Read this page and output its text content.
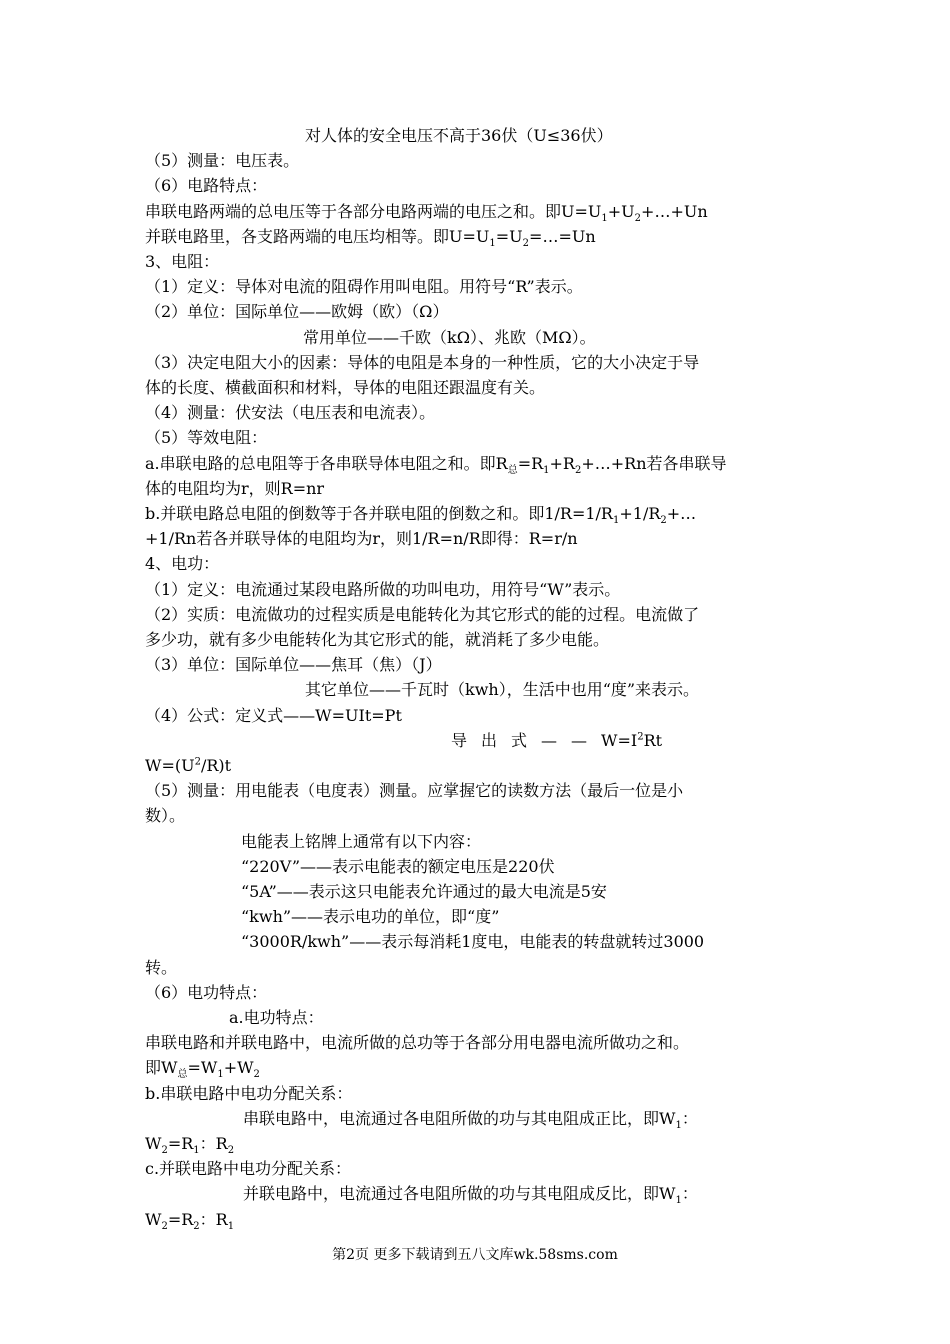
对人体的安全电压不高于36伏（U≤36伏）
（5）测量：电压表。
（6）电路特点：
串联电路两端的总电压等于各部分电路两端的电压之和。即$U=U_1+U_2+\dots+Un$
并联电路里，各支路两端的电压均相等。即$U=U_1=U_2=\dots=Un$
3、电阻：
（1）定义：导体对电流的阻碍作用叫电阻。用符号“R”表示。
（2）单位：国际单位——欧姆（欧）（Ω）
常用单位——千欧（kΩ）、兆欧（MΩ）。
（3）决定电阻大小的因素：导体的电阻是本身的一种性质，它的大小决定于导
体的长度、横截面积和材料，导体的电阻还跟温度有关。
（4）测量：伏安法（电压表和电流表）。
（5）等效电阻：
a.串联电路的总电阻等于各串联导体电阻之和。即$R_总=R_1+R_2+\dots+Rn$若各串联导
体的电阻均为r，则R=nr
b.并联电路总电阻的倒数等于各并联电阻的倒数之和。即$1/R=1/R_1+1/R_2+\dots$
+1/Rn若各并联导体的电阻均为r，则1/R=n/R即得：R=r/n
4、电功：
（1）定义：电流通过某段电路所做的功叫电功，用符号“W”表示。
（2）实质：电流做功的过程实质是电能转化为其它形式的能的过程。电流做了
多少功，就有多少电能转化为其它形式的能，就消耗了多少电能。
（3）单位：国际单位——焦耳（焦）（J）
其它单位——千瓦时（kwh），生活中也用“度”来表示。
（4）公式：定义式——W=UIt=Pt
导出式$——W=I^2Rt$
$W=(U^2/R)t$
（5）测量：用电能表（电度表）测量。应掌握它的读数方法（最后一位是小
数）。
电能表上铭牌上通常有以下内容：
“220V”——表示电能表的额定电压是220伏
“5A”——表示这只电能表允许通过的最大电流是5安
“kwh”——表示电功的单位，即“度”
“3000R/kwh”——表示每消耗1度电，电能表的转盘就转过3000
转。
（6）电功特点：
a.电功特点：
串联电路和并联电路中，电流所做的总功等于各部分用电器电流所做功之和。
即$W_总=W_1+W_2$
b.串联电路中电功分配关系：
串联电路中，电流通过各电阻所做的功与其电阻成正比，即$W_1$：
$W_2=R_1$：$R_2$
c.并联电路中电功分配关系：
并联电路中，电流通过各电阻所做的功与其电阻成反比，即$W_1$：
$W_2=R_2$：$R_1$
第2页 更多下载请到五八文库wk.58sms.com
